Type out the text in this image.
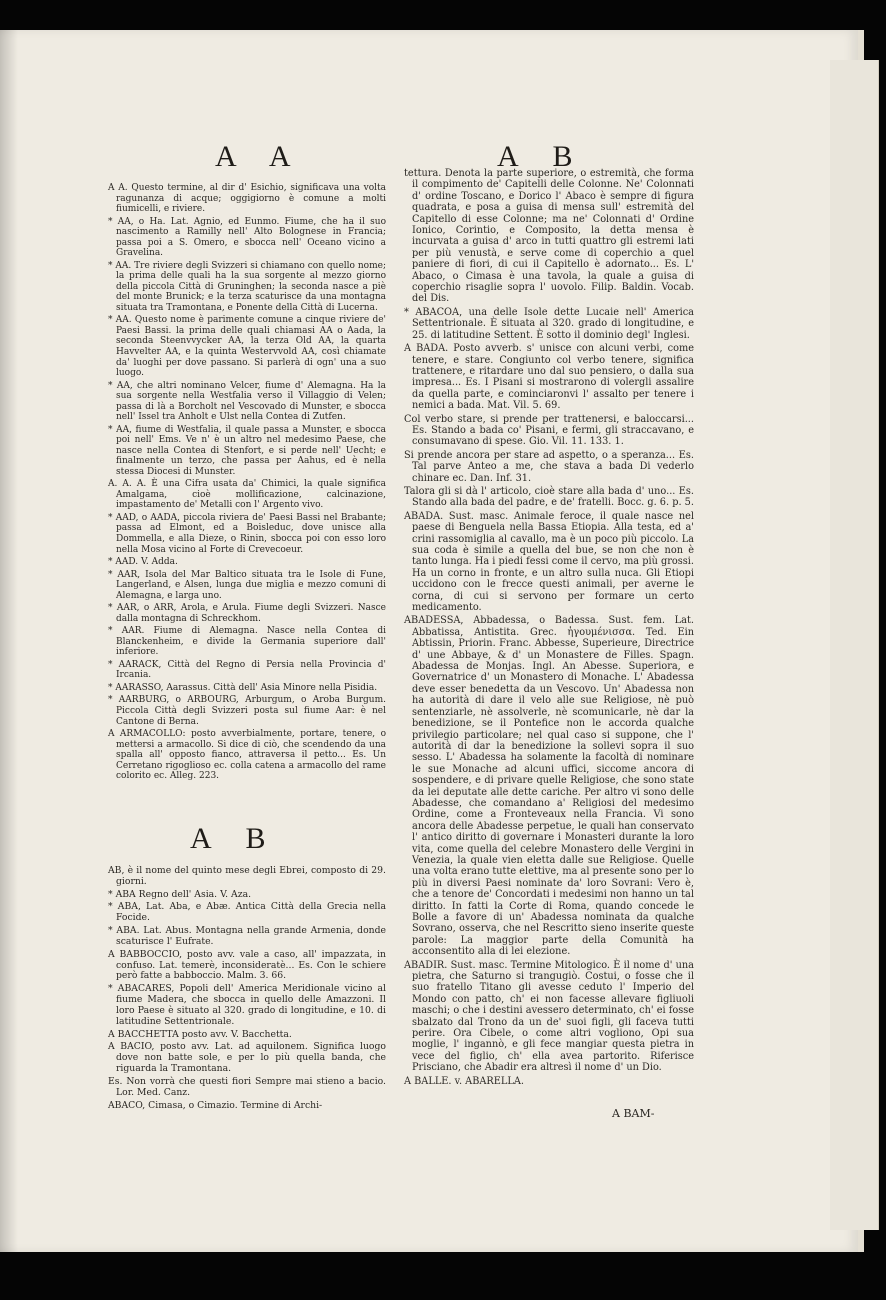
A A	A B

A A. Questo termine, al dir d' Esichio, significava una volta ragunanza di acque; oggigiorno è comune a molti fiumicelli, e riviere.

* AA, o Ha. Lat. Agnio, ed Eunmo. Fiume, che ha il suo nascimento a Ramilly nell' Alto Bolognese in Francia; passa poi a S. Omero, e sbocca nell' Oceano vicino a Gravelina.

* AA. Tre riviere degli Svizzeri si chiamano con quello nome; la prima delle quali ha la sua sorgente al mezzo giorno della piccola Città di Gruninghen; la seconda nasce a piè del monte Brunick; e la terza scaturisce da una montagna situata tra Tramontana, e Ponente della Città di Lucerna.

* AA. Questo nome è parimente comune a cinque riviere de' Paesi Bassi. la prima delle quali chiamasi AA o Aada, la seconda Steenvvycker AA, la terza Old AA, la quarta Havvelter AA, e la quinta Westervvold AA, così chiamate da' luoghi per dove passano. Si parlerà di ogn' una a suo luogo.

* AA, che altri nominano Velcer, fiume d' Alemagna. Ha la sua sorgente nella Westfalia verso il Villaggio di Velen; passa di là a Borcholt nel Vescovado di Munster, e sbocca nell' Issel tra Anholt e Ulst nella Contea di Zutfen.

* AA, fiume di Westfalia, il quale passa a Munster, e sbocca poi nell' Ems. Ve n' è un altro nel medesimo Paese, che nasce nella Contea di Stenfort, e si perde nell' Uecht; e finalmente un terzo, che passa per Aahus, ed è nella stessa Diocesi di Munster.

A. A. A. È una Cifra usata da' Chimici, la quale significa Amalgama, cioè mollificazione, calcinazione, impastamento de' Metalli con l' Argento vivo.

* AAD, o AADA, piccola riviera de' Paesi Bassi nel Brabante; passa ad Elmont, ed a Boisleduc, dove unisce alla Dommella, e alla Dieze, o Rinin, sbocca poi con esso loro nella Mosa vicino al Forte di Crevecoeur.

* AAD. V. Adda.

* AAR, Isola del Mar Baltico situata tra le Isole di Fune, Langerland, e Alsen, lunga due miglia e mezzo comuni di Alemagna, e larga uno.

* AAR, o ARR, Arola, e Arula. Fiume degli Svizzeri. Nasce dalla montagna di Schreckhom.

* AAR. Fiume di Alemagna. Nasce nella Contea di Blanckenheim, e divide la Germania superiore dall' inferiore.

* AARACK, Città del Regno di Persia nella Provincia d' Ircania.

* AARASSO, Aarassus. Città dell' Asia Minore nella Pisidia.

* AARBURG, o ARBOURG, Arburgum, o Aroba Burgum. Piccola Città degli Svizzeri posta sul fiume Aar: è nel Cantone di Berna.

A ARMACOLLO: posto avverbialmente, portare, tenere, o mettersi a armacollo. Si dice di ciò, che scendendo da una spalla all' opposto fianco, attraversa il petto... Es. Un Cerretano rigoglioso ec. colla catena a armacollo del rame colorito ec. Alleg. 223.

A B

AB, è il nome del quinto mese degli Ebrei, composto di 29. giorni.

* ABA Regno dell' Asia. V. Aza.

* ABA, Lat. Aba, e Abæ. Antica Città della Grecia nella Focide.

* ABA. Lat. Abus. Montagna nella grande Armenia, donde scaturisce l' Eufrate.

A BABBOCCIO, posto avv. vale a caso, all' impazzata, in confuso. Lat. temerè, inconsideratè... Es. Con le schiere però fatte a babboccio. Malm. 3. 66.

* ABACARES, Popoli dell' America Meridionale vicino al fiume Madera, che sbocca in quello delle Amazzoni. Il loro Paese è situato al 320. grado di longitudine, e 10. di latitudine Settentrionale.

A BACCHETTA posto avv. V. Bacchetta.

A BACIO, posto avv. Lat. ad aquilonem. Significa luogo dove non batte sole, e per lo più quella banda, che riguarda la Tramontana.

Es. Non vorrà che questi fiori Sempre mai stieno a bacio. Lor. Med. Canz.

ABACO, Cimasa, o Cimazio. Termine di Archi-

tettura. Denota la parte superiore, o estremità, che forma il compimento de' Capitelli delle Colonne. Ne' Colonnati d' ordine Toscano, e Dorico l' Abaco è sempre di figura quadrata, e posa a guisa di mensa sull' estremità del Capitello di esse Colonne; ma ne' Colonnati d' Ordine Ionico, Corintio, e Composito, la detta mensa è incurvata a guisa d' arco in tutti quattro gli estremi lati per più venustà, e serve come di coperchio a quel paniere di fiori, di cui il Capitello è adornato... Es. L' Abaco, o Cimasa è una tavola, la quale a guisa di coperchio risaglie sopra l' uovolo. Filip. Baldin. Vocab. del Dis.

* ABACOA, una delle Isole dette Lucaie nell' America Settentrionale. È situata al 320. grado di longitudine, e 25. di latitudine Settent. È sotto il dominio degl' Inglesi.

A BADA. Posto avverb. s' unisce con alcuni verbi, come tenere, e stare. Congiunto col verbo tenere, significa trattenere, e ritardare uno dal suo pensiero, o dalla sua impresa... Es. I Pisani si mostrarono di volergli assalire da quella parte, e cominciaronvi l' assalto per tenere i nemici a bada. Mat. Vil. 5. 69.

Col verbo stare, si prende per trattenersi, e baloccarsi... Es. Stando a bada co' Pisani, e fermi, gli straccavano, e consumavano di spese. Gio. Vil. 11. 133. 1.

Si prende ancora per stare ad aspetto, o a speranza... Es. Tal parve Anteo a me, che stava a bada Di vederlo chinare ec. Dan. Inf. 31.

Talora gli si dà l' articolo, cioè stare alla bada d' uno... Es. Stando alla bada del padre, e de' fratelli. Bocc. g. 6. p. 5.

ABADA. Sust. masc. Animale feroce, il quale nasce nel paese di Benguela nella Bassa Etiopia. Alla testa, ed a' crini rassomiglia al cavallo, ma è un poco più piccolo. La sua coda è simile a quella del bue, se non che non è tanto lunga. Ha i piedi fessi come il cervo, ma più grossi. Ha un corno in fronte, e un altro sulla nuca. Gli Etiopi uccidono con le frecce questi animali, per averne le corna, di cui si servono per formare un certo medicamento.

ABADESSA, Abbadessa, o Badessa. Sust. fem. Lat. Abbatissa, Antistita. Grec. ἡγουμένισσα. Ted. Ein Abtissin, Priorin. Franc. Abbesse, Superieure, Directrice d' une Abbaye, & d' un Monastere de Filles. Spagn. Abadessa de Monjas. Ingl. An Abesse. Superiora, e Governatrice d' un Monastero di Monache. L' Abadessa deve esser benedetta da un Vescovo. Un' Abadessa non ha autorità di dare il velo alle sue Religiose, nè può sentenziarle, nè assolverle, nè scomunicarle, nè dar la benedizione, se il Pontefice non le accorda qualche privilegio particolare; nel qual caso si suppone, che l' autorità di dar la benedizione la sollevi sopra il suo sesso. L' Abadessa ha solamente la facoltà di nominare le sue Monache ad alcuni uffici, siccome ancora di sospendere, e di privare quelle Religiose, che sono state da lei deputate alle dette cariche. Per altro vi sono delle Abadesse, che comandano a' Religiosi del medesimo Ordine, come a Fronteveaux nella Francia. Vi sono ancora delle Abadesse perpetue, le quali han conservato l' antico diritto di governare i Monasteri durante la loro vita, come quella del celebre Monastero delle Vergini in Venezia, la quale vien eletta dalle sue Religiose. Quelle una volta erano tutte elettive, ma al presente sono per lo più in diversi Paesi nominate da' loro Sovrani: Vero è, che a tenore de' Concordati i medesimi non hanno un tal diritto. In fatti la Corte di Roma, quando concede le Bolle a favore di un' Abadessa nominata da qualche Sovrano, osserva, che nel Rescritto sieno inserite queste parole: La maggior parte della Comunità ha acconsentito alla di lei elezione.

ABADIR. Sust. masc. Termine Mitologico. È il nome d' una pietra, che Saturno si trangugiò. Costui, o fosse che il suo fratello Titano gli avesse ceduto l' Imperio del Mondo con patto, ch' ei non facesse allevare figliuoli maschi; o che i destini avessero determinato, ch' ei fosse sbalzato dal Trono da un de' suoi figli, gli faceva tutti perire. Ora Cibele, o come altri vogliono, Opi sua moglie, l' ingannò, e gli fece mangiar questa pietra in vece del figlio, ch' ella avea partorito. Riferisce Prisciano, che Abadir era altresì il nome d' un Dio.

A BALLE. v. ABARELLA.

A BAM-
